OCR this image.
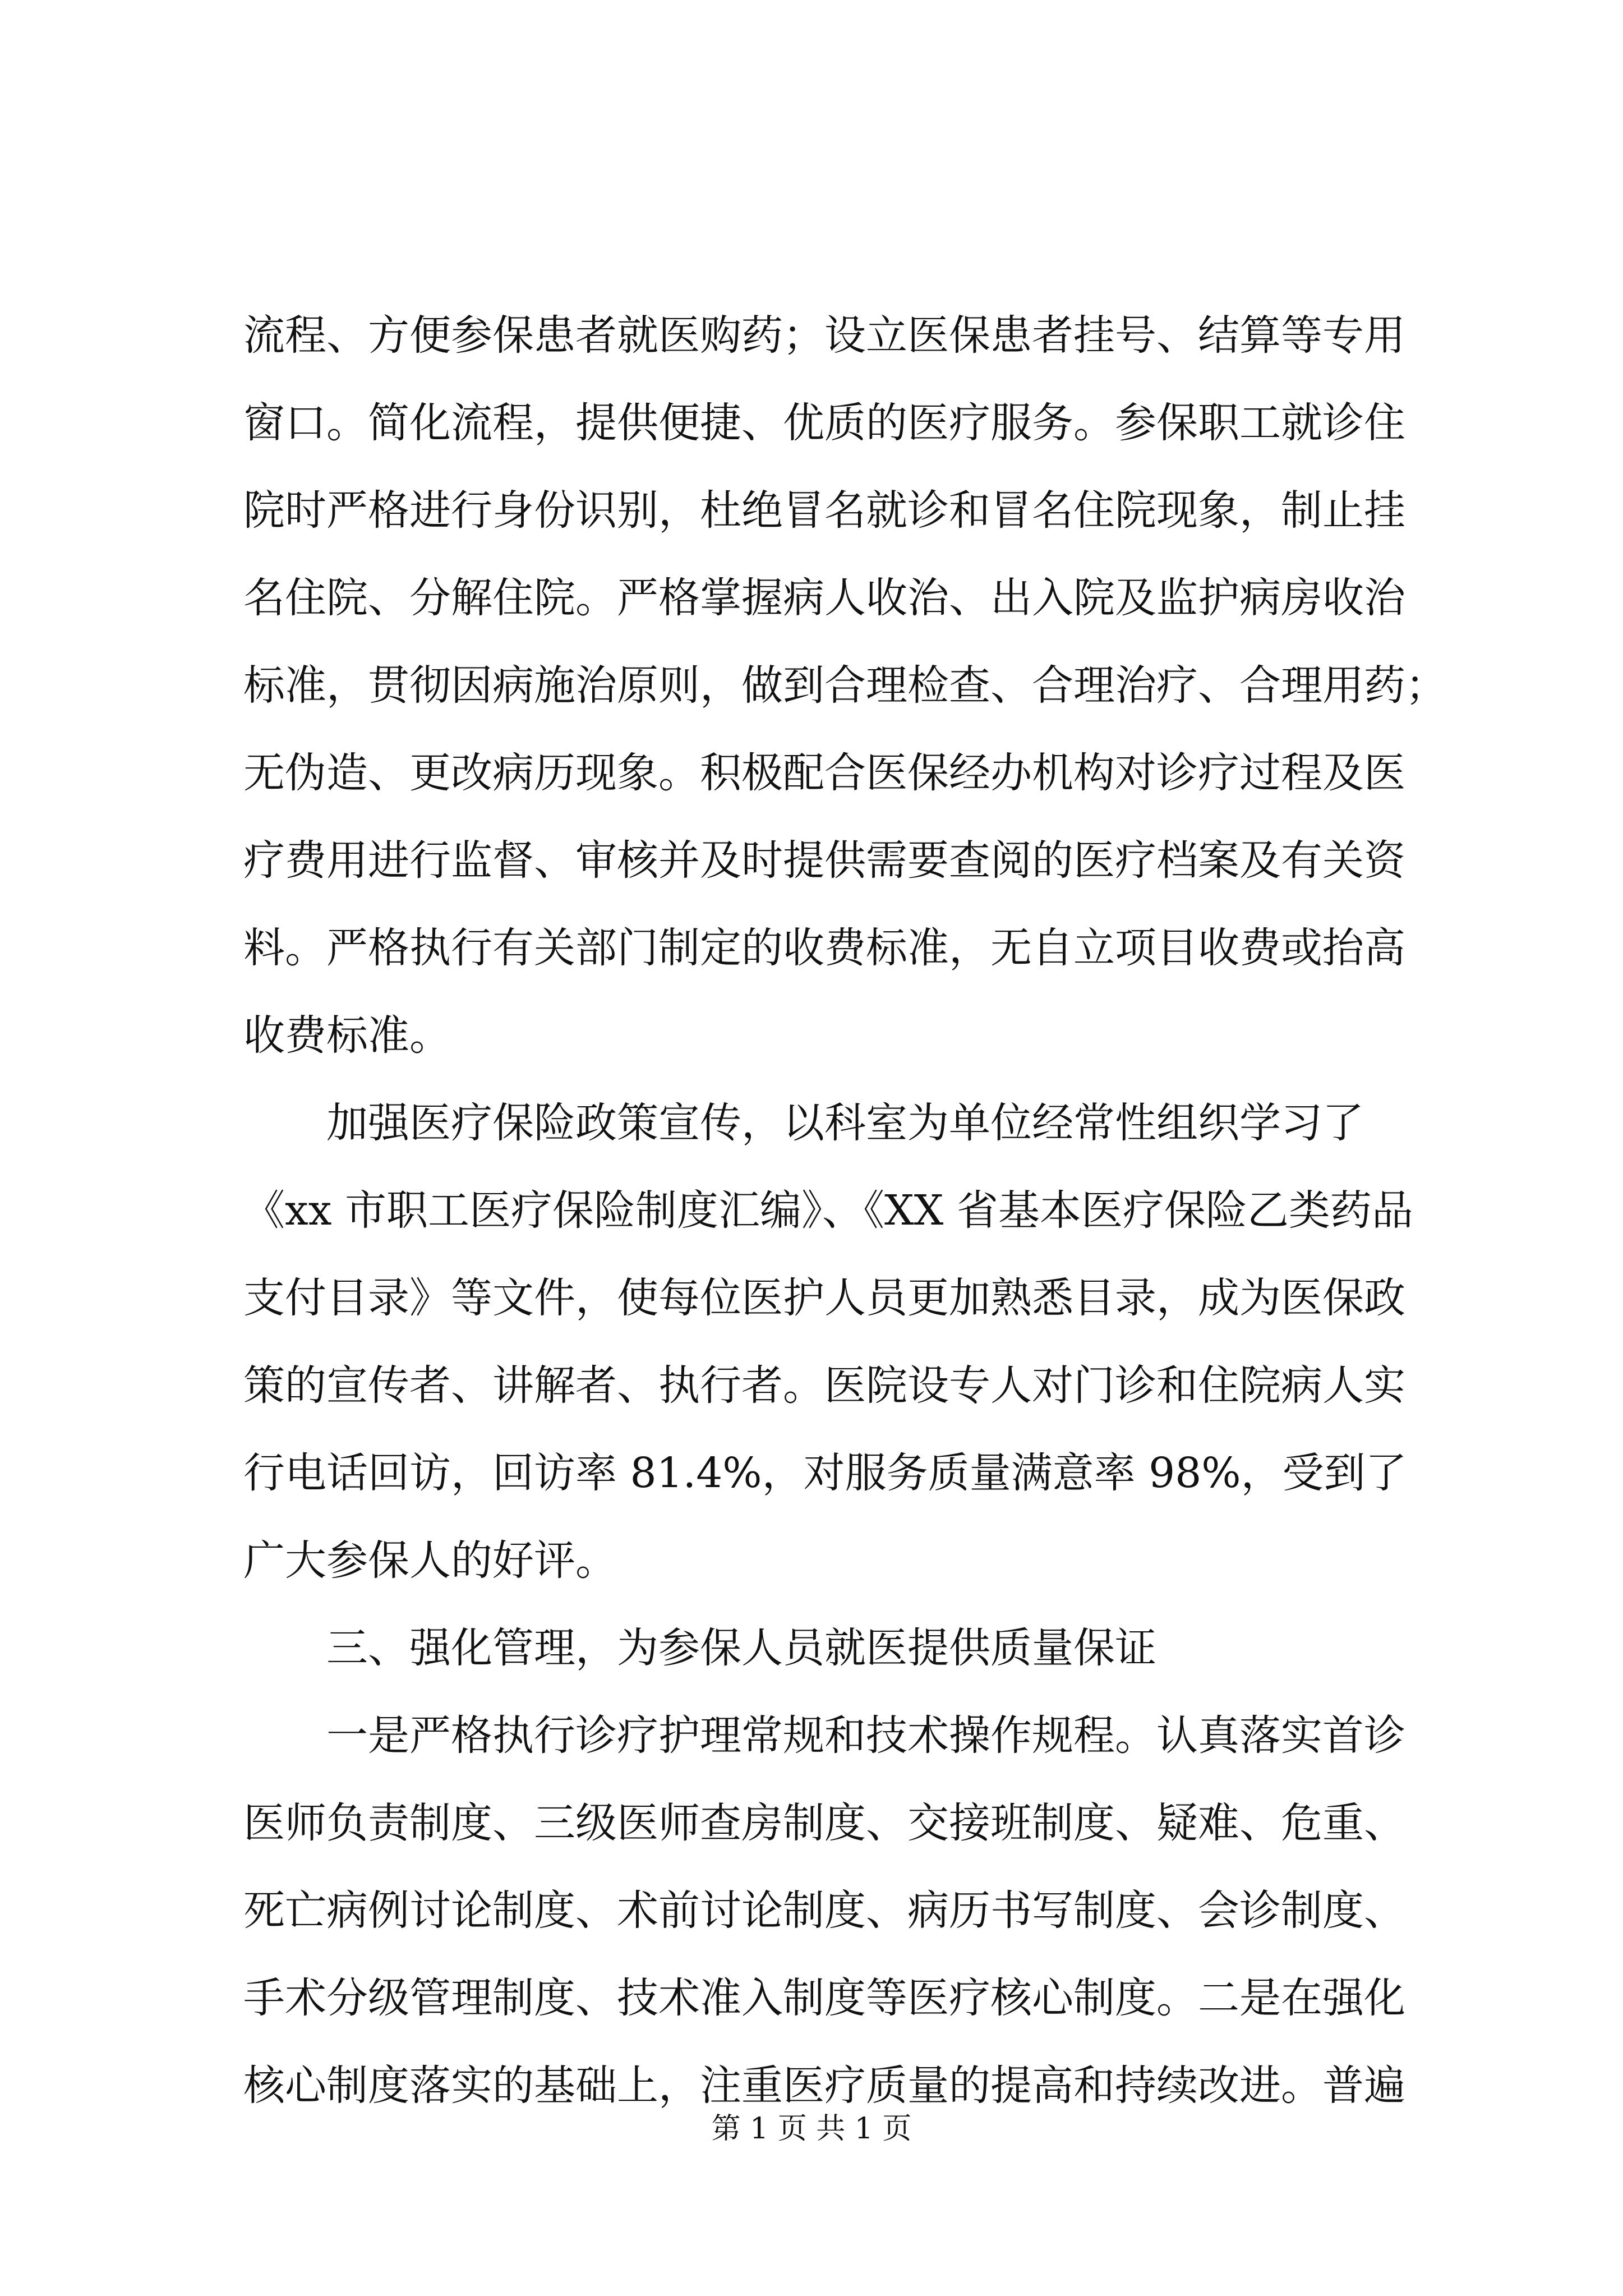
流程、方便参保患者就医购药；设立医保患者挂号、结算等专用
窗口。简化流程，提供便捷、优质的医疗服务。参保职工就诊住
院时严格进行身份识别，杜绝冒名就诊和冒名住院现象，制止挂
名住院、分解住院。严格掌握病人收治、出入院及监护病房收治
标准，贯彻因病施治原则，做到合理检查、合理治疗、合理用药；
无伪造、更改病历现象。积极配合医保经办机构对诊疗过程及医
疗费用进行监督、审核并及时提供需要查阅的医疗档案及有关资
料。严格执行有关部门制定的收费标准，无自立项目收费或抬高
收费标准。
加强医疗保险政策宣传，以科室为单位经常性组织学习了
《xx 市职工医疗保险制度汇编》、《XX 省基本医疗保险乙类药品
支付目录》等文件，使每位医护人员更加熟悉目录，成为医保政
策的宣传者、讲解者、执行者。医院设专人对门诊和住院病人实
行电话回访，回访率 81.4%，对服务质量满意率 98%，受到了
广大参保人的好评。
三、强化管理，为参保人员就医提供质量保证
一是严格执行诊疗护理常规和技术操作规程。认真落实首诊
医师负责制度、三级医师查房制度、交接班制度、疑难、危重、
死亡病例讨论制度、术前讨论制度、病历书写制度、会诊制度、
手术分级管理制度、技术准入制度等医疗核心制度。二是在强化
核心制度落实的基础上，注重医疗质量的提高和持续改进。普遍
第 1 页 共 1 页
